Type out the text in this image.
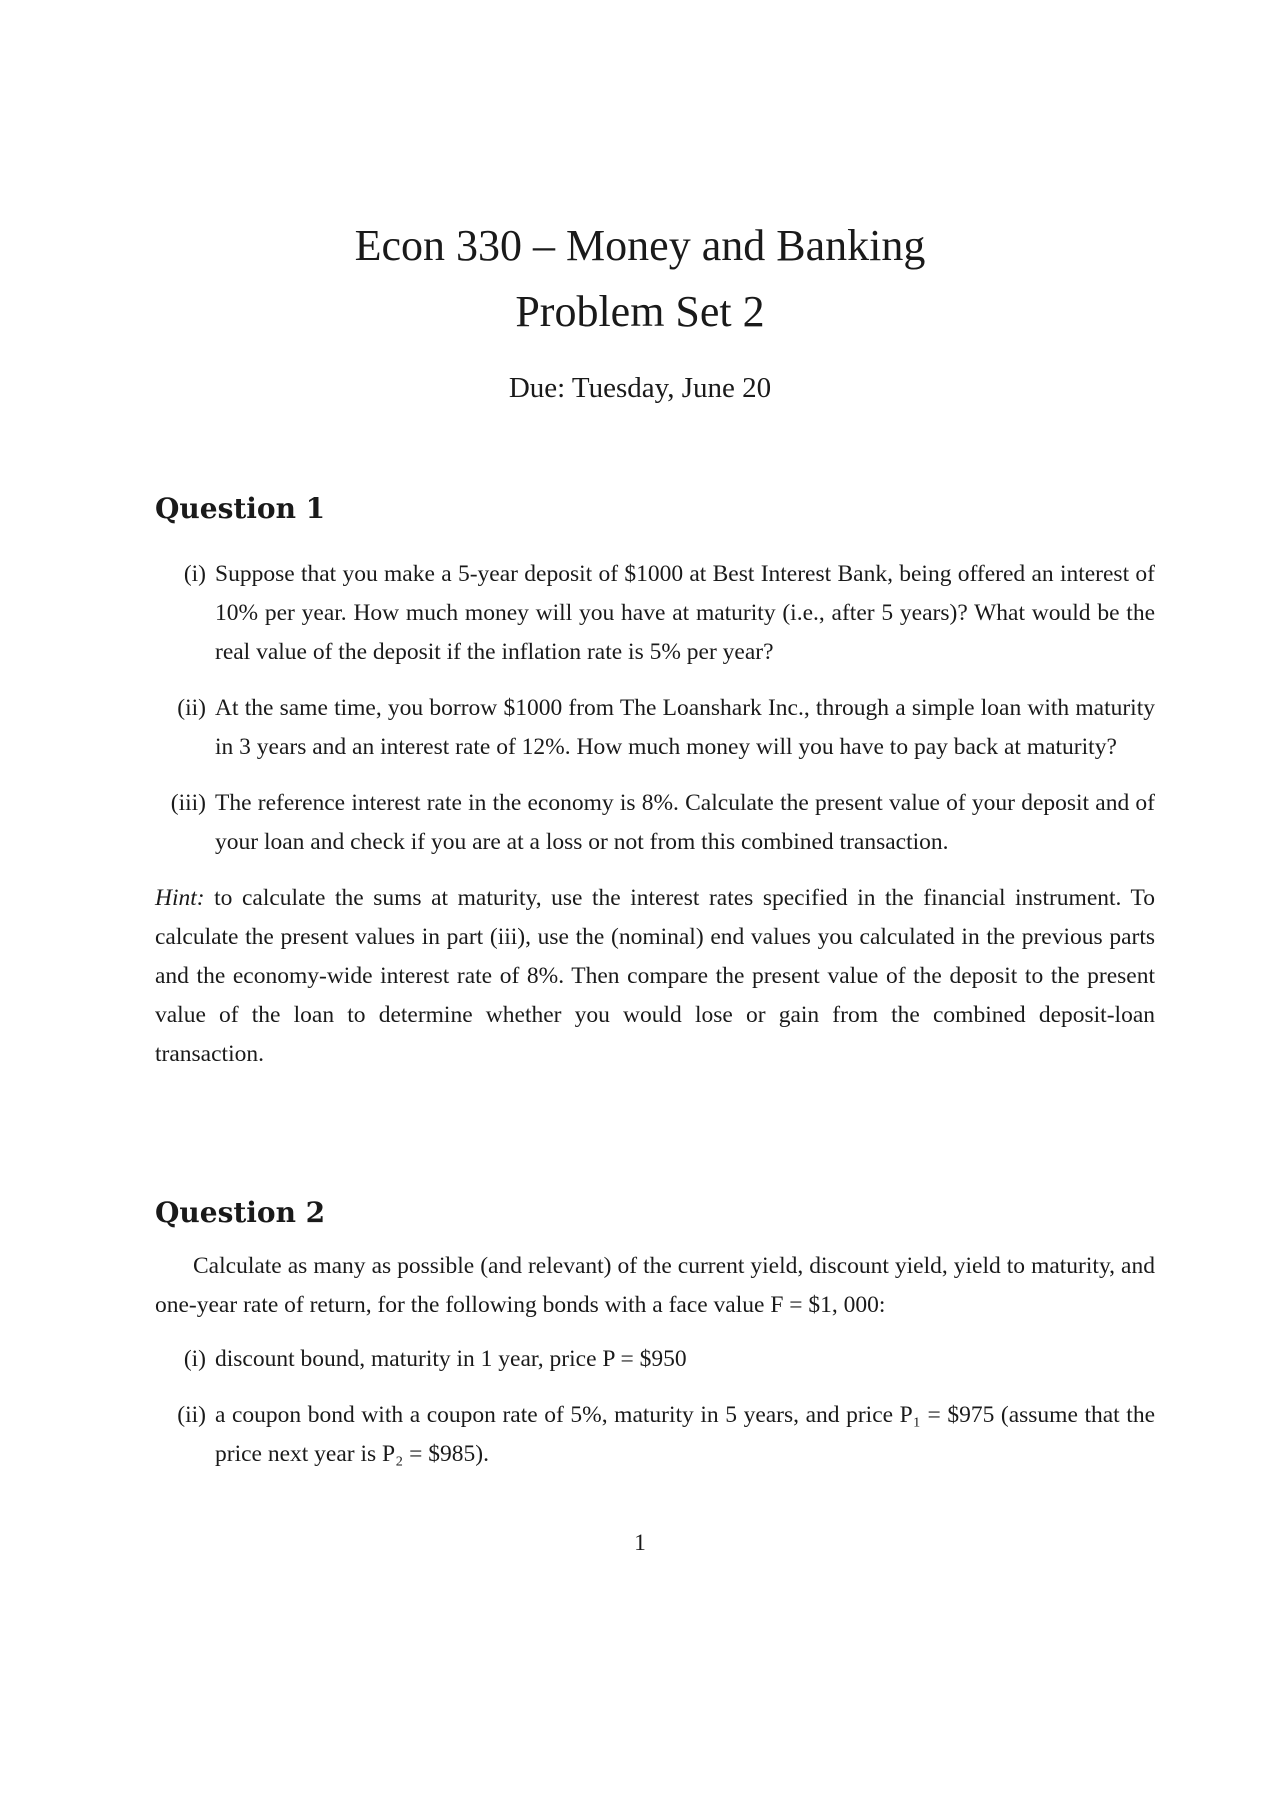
Econ 330 – Money and Banking
Problem Set 2
Due: Tuesday, June 20
Question 1
(i) Suppose that you make a 5-year deposit of $1000 at Best Interest Bank, being offered an interest of 10% per year. How much money will you have at maturity (i.e., after 5 years)? What would be the real value of the deposit if the inflation rate is 5% per year?
(ii) At the same time, you borrow $1000 from The Loanshark Inc., through a simple loan with maturity in 3 years and an interest rate of 12%. How much money will you have to pay back at maturity?
(iii) The reference interest rate in the economy is 8%. Calculate the present value of your deposit and of your loan and check if you are at a loss or not from this combined transaction.

Hint: to calculate the sums at maturity, use the interest rates specified in the financial instrument. To calculate the present values in part (iii), use the (nominal) end values you calculated in the previous parts and the economy-wide interest rate of 8%. Then compare the present value of the deposit to the present value of the loan to determine whether you would lose or gain from the combined deposit-loan transaction.

Question 2

Calculate as many as possible (and relevant) of the current yield, discount yield, yield to maturity, and one-year rate of return, for the following bonds with a face value F = $1, 000:

(i) discount bound, maturity in 1 year, price P = $950
(ii) a coupon bond with a coupon rate of 5%, maturity in 5 years, and price P₁ = $975 (assume that the price next year is P₂ = $985).
1
